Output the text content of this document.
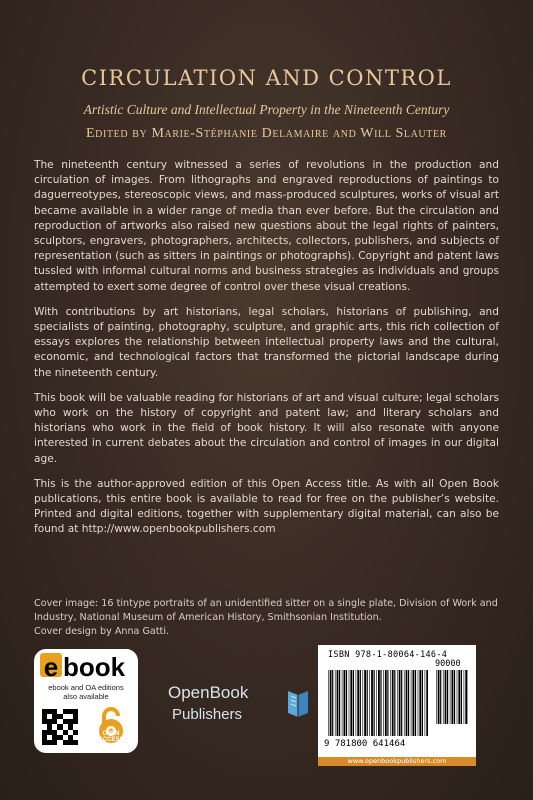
CIRCULATION AND CONTROL
Artistic Culture and Intellectual Property in the Nineteenth Century
Edited by Marie-Stéphanie Delamaire and Will Slauter

The nineteenth century witnessed a series of revolutions in the production and circulation of images. From lithographs and engraved reproductions of paintings to daguerreotypes, stereoscopic views, and mass-produced sculptures, works of visual art became available in a wider range of media than ever before. But the circulation and reproduction of artworks also raised new questions about the legal rights of painters, sculptors, engravers, photographers, architects, collectors, publishers, and subjects of representation (such as sitters in paintings or photographs). Copyright and patent laws tussled with informal cultural norms and business strategies as individuals and groups attempted to exert some degree of control over these visual creations.

With contributions by art historians, legal scholars, historians of publishing, and specialists of painting, photography, sculpture, and graphic arts, this rich collection of essays explores the relationship between intellectual property laws and the cultural, economic, and technological factors that transformed the pictorial landscape during the nineteenth century.

This book will be valuable reading for historians of art and visual culture; legal scholars who work on the history of copyright and patent law; and literary scholars and historians who work in the field of book history. It will also resonate with anyone interested in current debates about the circulation and control of images in our digital age.

This is the author-approved edition of this Open Access title. As with all Open Book publications, this entire book is available to read for free on the publisher’s website. Printed and digital editions, together with supplementary digital material, can also be found at http://www.openbookpublishers.com

Cover image: 16 tintype portraits of an unidentified sitter on a single plate, Division of Work and Industry, National Museum of American History, Smithsonian Institution.
Cover design by Anna Gatti.
e book
ebook and OA editions
also available
OPEN ACCESS
OpenBook
Publishers
ISBN 978-1-80064-146-4
90000
9 781800 641464
www.openbookpublishers.com
